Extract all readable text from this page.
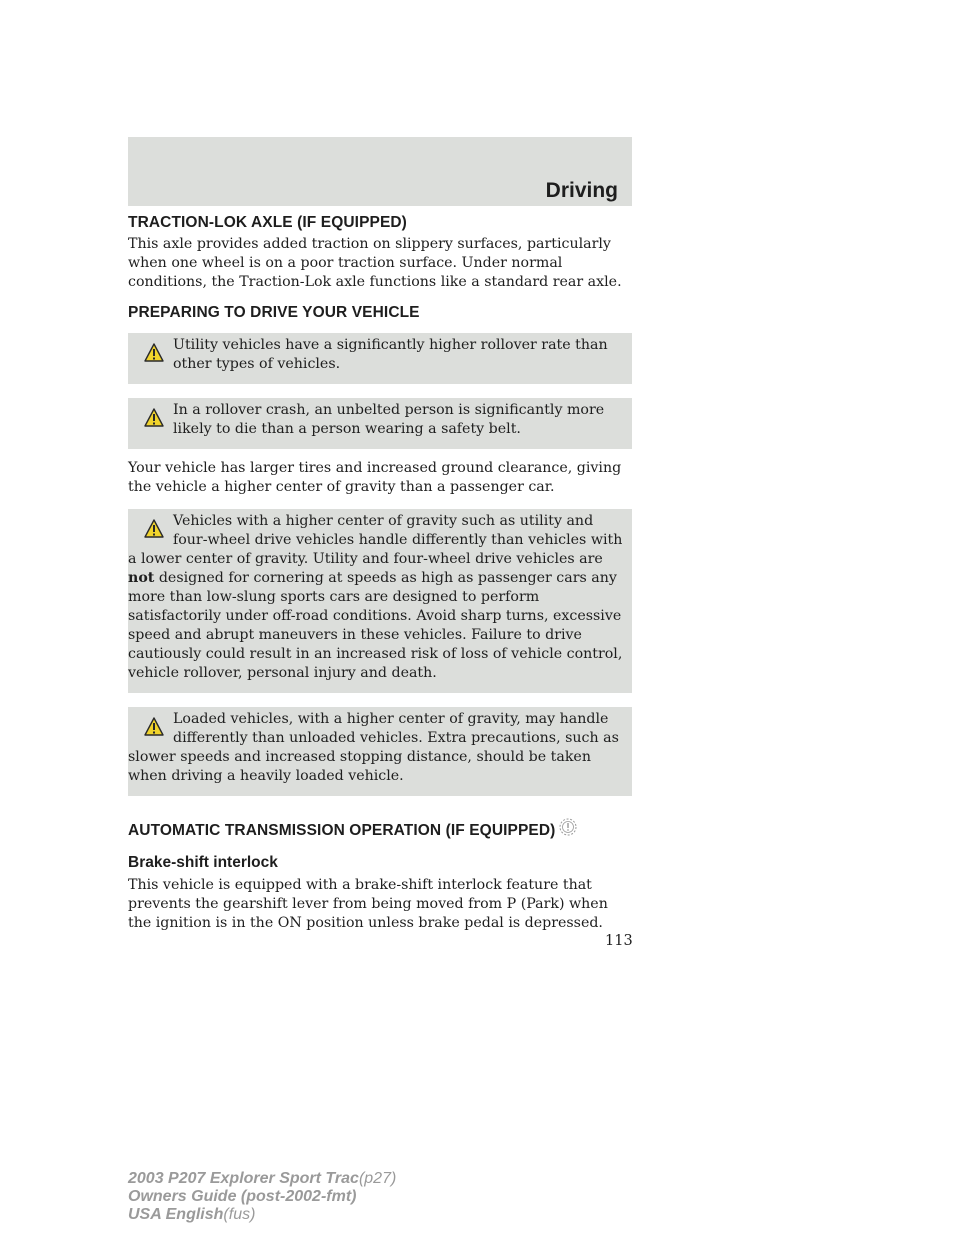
Driving
TRACTION-LOK AXLE (IF EQUIPPED)

This axle provides added traction on slippery surfaces, particularly when one wheel is on a poor traction surface. Under normal conditions, the Traction-Lok axle functions like a standard rear axle.

PREPARING TO DRIVE YOUR VEHICLE

Utility vehicles have a significantly higher rollover rate than other types of vehicles.

In a rollover crash, an unbelted person is significantly more likely to die than a person wearing a safety belt.

Your vehicle has larger tires and increased ground clearance, giving the vehicle a higher center of gravity than a passenger car.

Vehicles with a higher center of gravity such as utility and four-wheel drive vehicles handle differently than vehicles with a lower center of gravity. Utility and four-wheel drive vehicles are not designed for cornering at speeds as high as passenger cars any more than low-slung sports cars are designed to perform satisfactorily under off-road conditions. Avoid sharp turns, excessive speed and abrupt maneuvers in these vehicles. Failure to drive cautiously could result in an increased risk of loss of vehicle control, vehicle rollover, personal injury and death.

Loaded vehicles, with a higher center of gravity, may handle differently than unloaded vehicles. Extra precautions, such as slower speeds and increased stopping distance, should be taken when driving a heavily loaded vehicle.

AUTOMATIC TRANSMISSION OPERATION (IF EQUIPPED)
Brake-shift interlock

This vehicle is equipped with a brake-shift interlock feature that prevents the gearshift lever from being moved from P (Park) when the ignition is in the ON position unless brake pedal is depressed.

113
2003 P207 Explorer Sport Trac(p27)
Owners Guide (post-2002-fmt)
USA English(fus)
